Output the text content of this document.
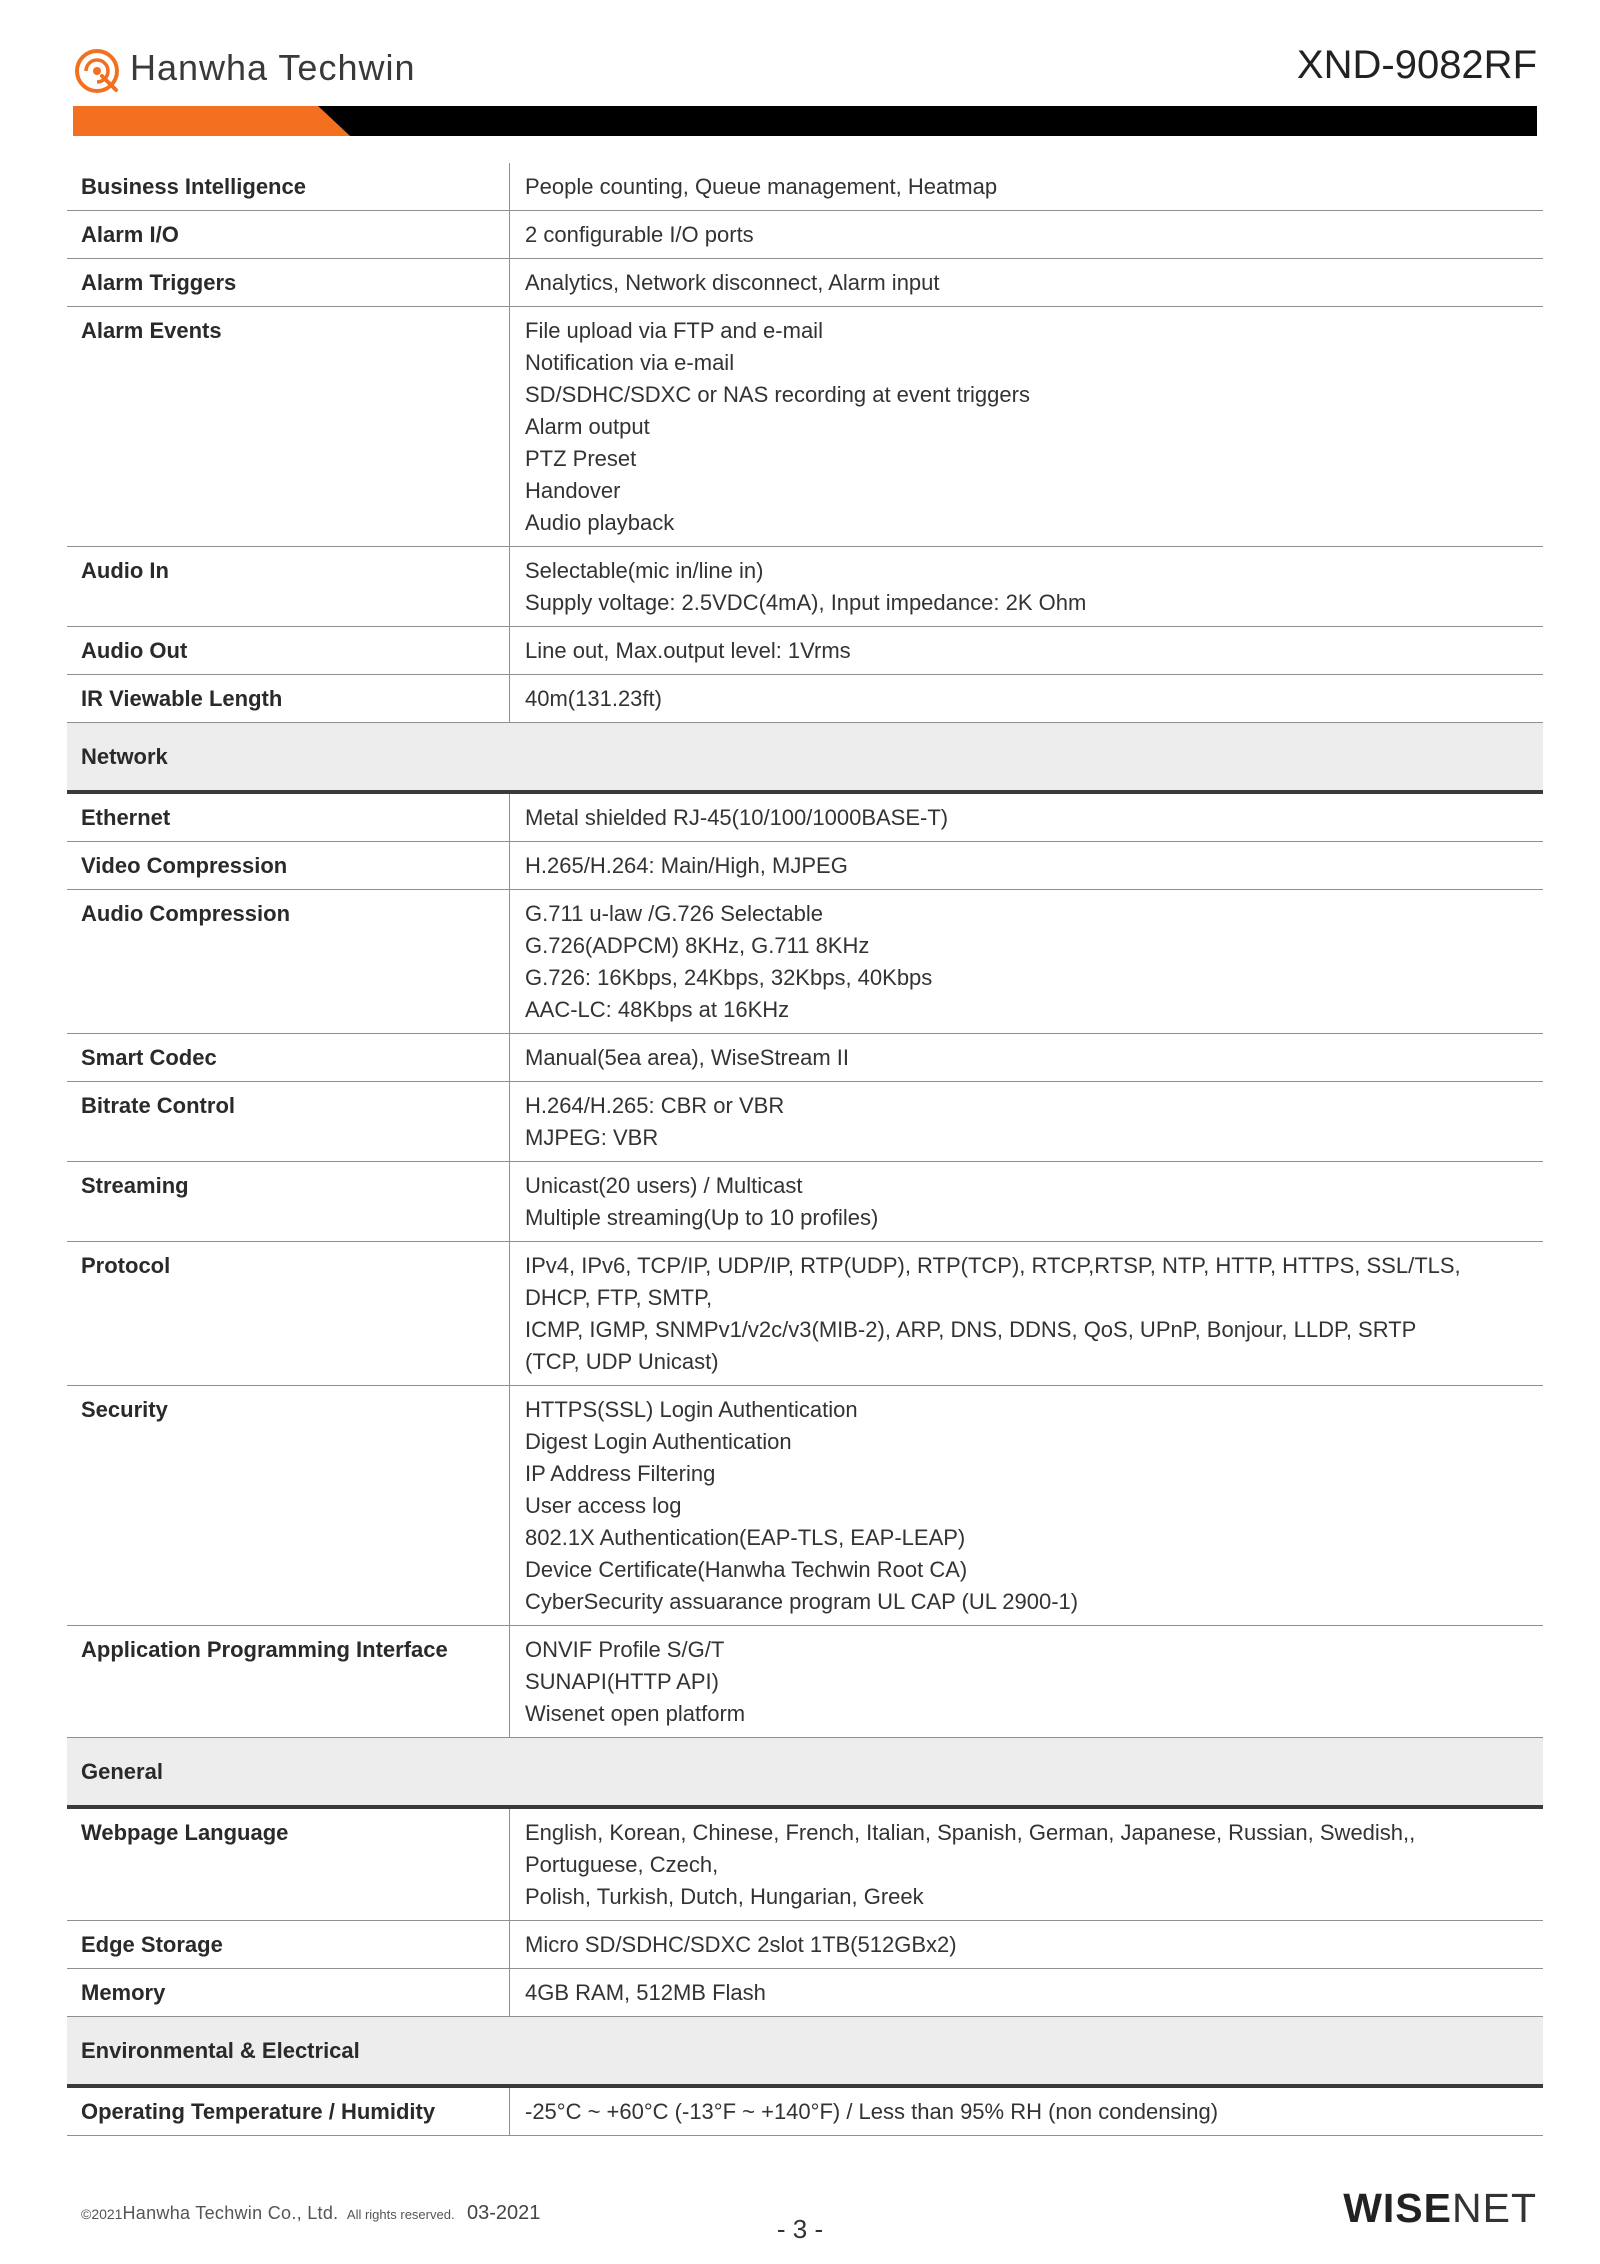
Hanwha Techwin	XND-9082RF
Business Intelligence	People counting, Queue management, Heatmap
Alarm I/O	2 configurable I/O ports
Alarm Triggers	Analytics, Network disconnect, Alarm input
Alarm Events	File upload via FTP and e-mail
Notification via e-mail
SD/SDHC/SDXC or NAS recording at event triggers
Alarm output
PTZ Preset
Handover
Audio playback
Audio In	Selectable(mic in/line in)
Supply voltage: 2.5VDC(4mA), Input impedance: 2K Ohm
Audio Out	Line out, Max.output level: 1Vrms
IR Viewable Length	40m(131.23ft)
Network
Ethernet	Metal shielded RJ-45(10/100/1000BASE-T)
Video Compression	H.265/H.264: Main/High, MJPEG
Audio Compression	G.711 u-law /G.726 Selectable
G.726(ADPCM) 8KHz, G.711 8KHz
G.726: 16Kbps, 24Kbps, 32Kbps, 40Kbps
AAC-LC: 48Kbps at 16KHz
Smart Codec	Manual(5ea area), WiseStream II
Bitrate Control	H.264/H.265: CBR or VBR
MJPEG: VBR
Streaming	Unicast(20 users) / Multicast
Multiple streaming(Up to 10 profiles)
Protocol	IPv4, IPv6, TCP/IP, UDP/IP, RTP(UDP), RTP(TCP), RTCP,RTSP, NTP, HTTP, HTTPS, SSL/TLS,
DHCP, FTP, SMTP,
ICMP, IGMP, SNMPv1/v2c/v3(MIB-2), ARP, DNS, DDNS, QoS, UPnP, Bonjour, LLDP, SRTP
(TCP, UDP Unicast)
Security	HTTPS(SSL) Login Authentication
Digest Login Authentication
IP Address Filtering
User access log
802.1X Authentication(EAP-TLS, EAP-LEAP)
Device Certificate(Hanwha Techwin Root CA)
CyberSecurity assuarance program UL CAP (UL 2900-1)
Application Programming Interface	ONVIF Profile S/G/T
SUNAPI(HTTP API)
Wisenet open platform
General
Webpage Language	English, Korean, Chinese, French, Italian, Spanish, German, Japanese, Russian, Swedish,,
Portuguese, Czech,
Polish, Turkish, Dutch, Hungarian, Greek
Edge Storage	Micro SD/SDHC/SDXC 2slot 1TB(512GBx2)
Memory	4GB RAM, 512MB Flash
Environmental & Electrical
Operating Temperature / Humidity	-25°C ~ +60°C (-13°F ~ +140°F) / Less than 95% RH (non condensing)
©2021Hanwha Techwin Co., Ltd. All rights reserved. 03-2021
- 3 -	WISENET
